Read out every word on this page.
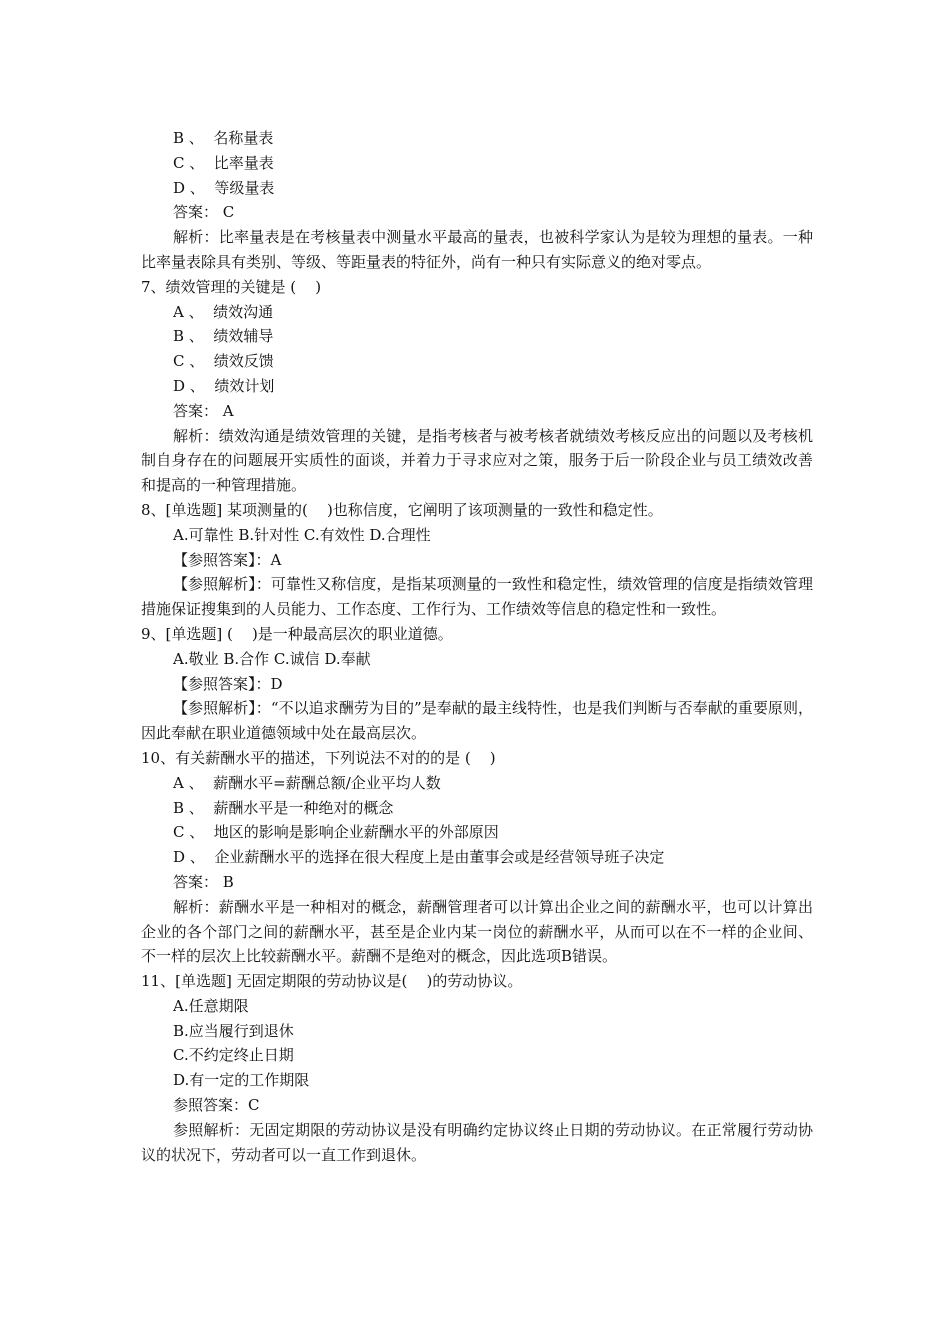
B 、  名称量表
C 、  比率量表
D 、  等级量表
答案： C
解析：比率量表是在考核量表中测量水平最高的量表，也被科学家认为是较为理想的量表。一种比率量表除具有类别、等级、等距量表的特征外，尚有一种只有实际意义的绝对零点。
7、绩效管理的关键是 (    )
A 、  绩效沟通
B 、  绩效辅导
C 、  绩效反馈
D 、  绩效计划
答案： A
解析：绩效沟通是绩效管理的关键，是指考核者与被考核者就绩效考核反应出的问题以及考核机制自身存在的问题展开实质性的面谈，并着力于寻求应对之策，服务于后一阶段企业与员工绩效改善和提高的一种管理措施。
8、[单选题] 某项测量的(    )也称信度，它阐明了该项测量的一致性和稳定性。
A.可靠性 B.针对性 C.有效性 D.合理性
【参照答案】：A
【参照解析】：可靠性又称信度，是指某项测量的一致性和稳定性，绩效管理的信度是指绩效管理措施保证搜集到的人员能力、工作态度、工作行为、工作绩效等信息的稳定性和一致性。
9、[单选题] (    )是一种最高层次的职业道德。
A.敬业 B.合作 C.诚信 D.奉献
【参照答案】：D
【参照解析】：“不以追求酬劳为目的”是奉献的最主线特性，也是我们判断与否奉献的重要原则，因此奉献在职业道德领域中处在最高层次。
10、有关薪酬水平的描述，下列说法不对的的是 (    )
A 、  薪酬水平=薪酬总额/企业平均人数
B 、  薪酬水平是一种绝对的概念
C 、  地区的影响是影响企业薪酬水平的外部原因
D 、  企业薪酬水平的选择在很大程度上是由董事会或是经营领导班子决定
答案： B
解析：薪酬水平是一种相对的概念，薪酬管理者可以计算出企业之间的薪酬水平，也可以计算出企业的各个部门之间的薪酬水平，甚至是企业内某一岗位的薪酬水平，从而可以在不一样的企业间、不一样的层次上比较薪酬水平。薪酬不是绝对的概念，因此选项B错误。
11、[单选题] 无固定期限的劳动协议是(    )的劳动协议。
A.任意期限
B.应当履行到退休
C.不约定终止日期
D.有一定的工作期限
参照答案：C
参照解析：无固定期限的劳动协议是没有明确约定协议终止日期的劳动协议。在正常履行劳动协议的状况下，劳动者可以一直工作到退休。
